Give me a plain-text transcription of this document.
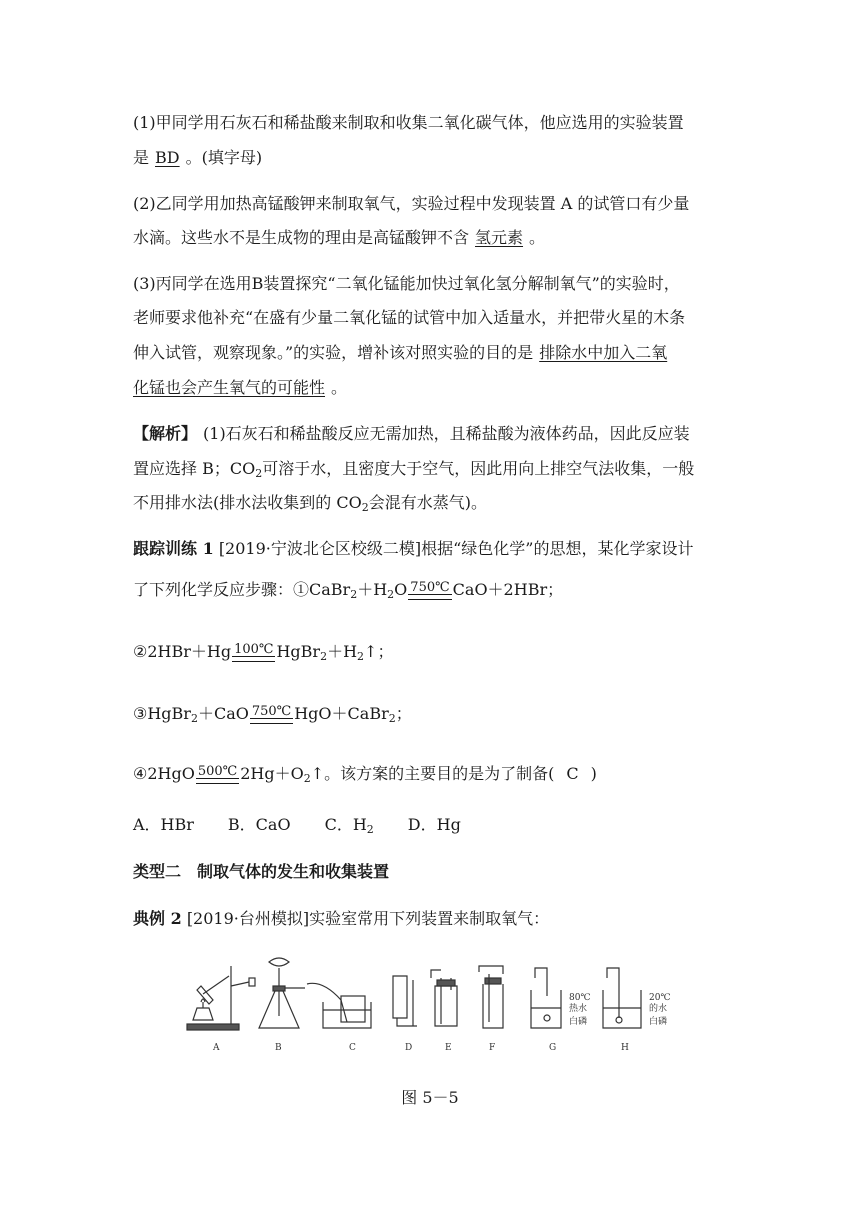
(1)甲同学用石灰石和稀盐酸来制取和收集二氧化碳气体，他应选用的实验装置
是 BD 。(填字母)
(2)乙同学用加热高锰酸钾来制取氧气，实验过程中发现装置 A 的试管口有少量
水滴。这些水不是生成物的理由是高锰酸钾不含 氢元素 。
(3)丙同学在选用B装置探究“二氧化锰能加快过氧化氢分解制氧气”的实验时，
老师要求他补充“在盛有少量二氧化锰的试管中加入适量水，并把带火星的木条
伸入试管，观察现象。”的实验，增补该对照实验的目的是 排除水中加入二氧
化锰也会产生氧气的可能性 。
【解析】 (1)石灰石和稀盐酸反应无需加热，且稀盐酸为液体药品，因此反应装
置应选择 B；$CO_2$可溶于水，且密度大于空气，因此用向上排空气法收集，一般
不用排水法(排水法收集到的 $CO_2$会混有水蒸气)。
跟踪训练 1 [2019·宁波北仑区校级二模]根据“绿色化学”的思想，某化学家设计
了下列化学反应步骤：$①CaBr_2+H_2O$ 750℃ CaO＋2HBr；
②2HBr＋Hg 100℃ $HgBr_2+H_2↑$；
③HgBr$_2$＋CaO 750℃ HgO＋CaBr$_2$；
④2HgO 500℃ $2Hg+O_2↑$。该方案的主要目的是为了制备( C )
A．HBr B．CaO C．$H_2$ D．Hg
类型二　制取气体的发生和收集装置
典例 2 [2019·台州模拟]实验室常用下列装置来制取氧气：
80℃
热水
白磷
20℃
的水
白磷
A	B	C	D	E	F	G	H
图 5－5
